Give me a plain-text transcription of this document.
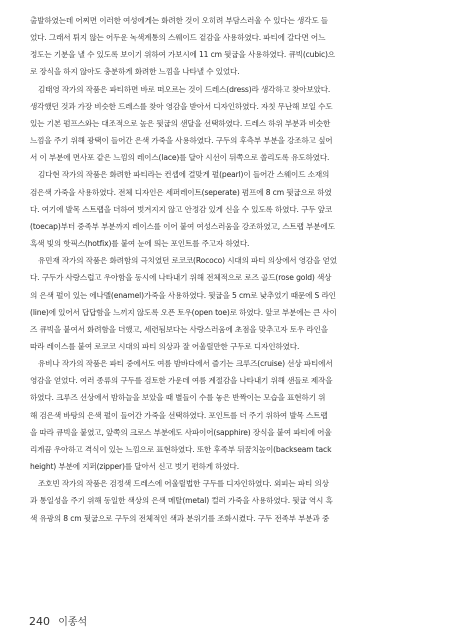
출발하였는데 어찌면 이러한 여성에게는 화려한 것이 오히려 부담스러울 수 있다는 생각도 들
었다. 그래서 튀지 않는 어두운 녹색계통의 스웨이드 겉감을 사용하였다. 파티에 갈다면 어느
정도는 기분을 낼 수 있도록 보이기 위하여 가보시에 11 cm 뒷굽을 사용하였다. 큐빅(cubic)으
로 장식을 하지 않아도 충분하게 화려한 느낌을 나타낼 수 있었다.
김태영 작가의 작품은 파티하면 바로 떠오르는 것이 드레스(dress)라 생각하고 찾아보았다.
생각했던 것과 가장 비슷한 드레스를 찾아 영감을 받아서 디자인하였다. 자칫 무난해 보일 수도
있는 기본 펌프스와는 대조적으로 높은 뒷굽의 샌달을 선택하였다. 드레스 하위 부분과 비슷한
느낌을 주기 위해 광택이 들어간 은색 가죽을 사용하였다. 구두의 후측부 부분을 강조하고 싶어
서 이 부분에 면사포 같은 느낌의 레이스(lace)를 달아 시선이 뒤쪽으로 쏠리도록 유도하였다.
김다현 작가의 작품은 화려한 파티라는 컨셉에 걸맞게 펄(pearl)이 들어간 스웨이드 소재의
검은색 가죽을 사용하였다. 전체 디자인은 세퍼레이트(seperate) 펌프에 8 cm 뒷굽으로 하였
다. 여기에 발목 스트랩을 더하여 벗겨지지 않고 안정감 있게 신을 수 있도록 하였다. 구두 앞코
(toecap)부터 중족부 부분까지 레이스를 이어 붙여 여성스러움을 강조하였고, 스트랩 부분에도
흑색 빛의 핫픽스(hotfix)를 붙여 눈에 띄는 포인트를 주고자 하였다.
유민재 작가의 작품은 화려함의 극치였던 로코코(Rococo) 시대의 파티 의상에서 영감을 얻었
다. 구두가 사랑스럽고 우아함을 동시에 나타내기 위해 전체적으로 로즈 골드(rose gold) 색상
의 은색 펄이 있는 에나멜(enamel)가죽을 사용하였다. 뒷굽을 5 cm로 낮추었기 때문에 S 라인
(line)에 있어서 답답함을 느끼지 않도록 오픈 토우(open toe)로 하였다. 앞코 부분에는 큰 사이
즈 큐빅을 붙여서 화려함을 더했고, 세련됨보다는 사랑스러움에 초점을 맞추고자 토우 라인을
따라 레이스를 붙여 로코코 시대의 파티 의상과 잘 어울릴만한 구두로 디자인하였다.
유비나 작가의 작품은 파티 중에서도 여름 밤바다에서 즐기는 크루즈(cruise) 선상 파티에서
영감을 얻었다. 여러 종류의 구두를 검토한 가운데 여름 계절감을 나타내기 위해 샌들로 제작을
하였다. 크루즈 선상에서 밤하늘을 보았을 때 별들이 수를 놓은 반짝이는 모습을 표현하기 위
해 검은색 바탕의 은색 펄이 들어간 가죽을 선택하였다. 포인트를 더 주기 위하여 발목 스트랩
을 따라 큐빅을 붙였고, 앞쪽의 크로스 부분에도 사파이어(sapphire) 장식을 붙여 파티에 어울
리게끔 우아하고 격식이 있는 느낌으로 표현하였다. 또한 후족부 뒤꿈치높이(backseam tack
height) 부분에 지퍼(zipper)를 달아서 신고 벗기 편하게 하였다.
조호빈 작가의 작품은 검정색 드레스에 어울릴법한 구두를 디자인하였다. 외피는 파티 의상
과 통일성을 주기 위해 동일한 색상의 은색 메탈(metal) 컬러 가죽을 사용하였다. 뒷굽 역시 흑
색 유광의 8 cm 뒷굽으로 구두의 전체적인 색과 분위기를 조화시켰다. 구두 전족부 부분과 중
240 이종석
